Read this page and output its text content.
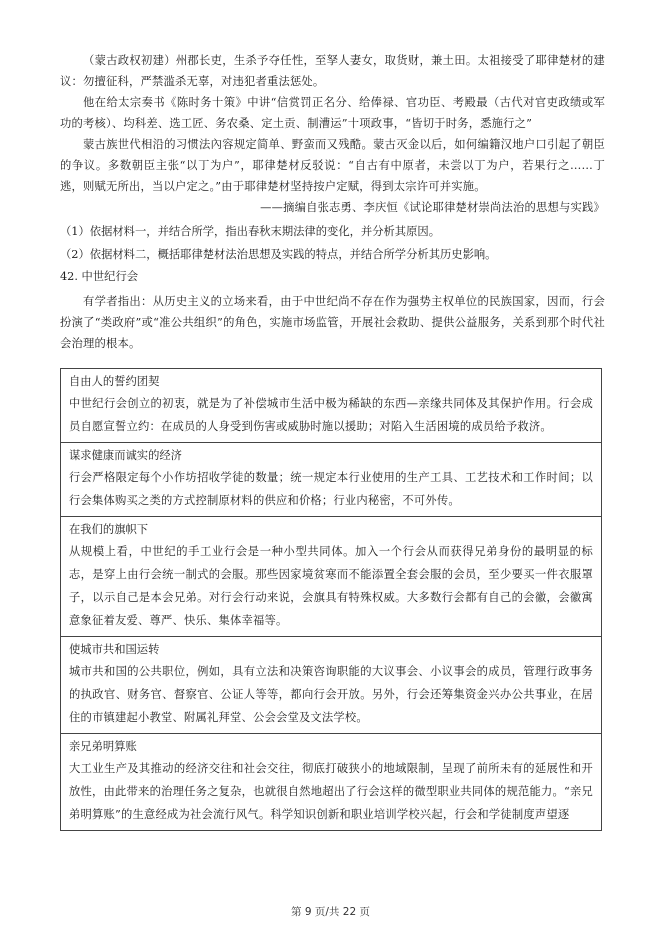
（蒙古政权初建）州郡长吏，生杀予夺任性，至孥人妻女，取货财，兼土田。太祖接受了耶律楚材的建议：勿擅征科，严禁滥杀无辜，对违犯者重法惩处。
他在给太宗奏书《陈时务十策》中讲“信赏罚正名分、给俸禄、官功臣、考殿最（古代对官吏政绩或军功的考核）、均科差、选工匠、务农桑、定土贡、制漕运”十项政事，“皆切于时务，悉施行之”
蒙古族世代相沿的习惯法內容规定简单、野蛮而又残酷。蒙古灭金以后，如何编籍汉地户口引起了朝臣的争议。多数朝臣主张“以丁为户”，耶律楚材反驳说：“自古有中原者，未尝以丁为户，若果行之……丁逃，则赋无所出，当以户定之。”由于耶律楚材坚持按户定赋，得到太宗许可并实施。
——摘编自张志勇、李庆恒《试论耶律楚材崇尚法治的思想与实践》
（1）依据材料一，并结合所学，指出春秋末期法律的变化，并分析其原因。
（2）依据材料二，概括耶律楚材法治思想及实践的特点，并结合所学分析其历史影响。
42. 中世纪行会
有学者指出：从历史主义的立场来看，由于中世纪尚不存在作为强势主权单位的民族国家，因而，行会扮演了“类政府”或“准公共组织”的角色，实施市场监管，开展社会救助、提供公益服务，关系到那个时代社会治理的根本。
自由人的誓约团契
中世纪行会创立的初衷，就是为了补偿城市生活中极为稀缺的东西—亲缘共同体及其保护作用。行会成员自愿宣誓立约：在成员的人身受到伤害或威胁时施以援助；对陷入生活困境的成员给予救济。
谋求健康而诚实的经济
行会严格限定每个小作坊招收学徒的数量；统一规定本行业使用的生产工具、工艺技术和工作时间；以行会集体购买之类的方式控制原材料的供应和价格；行业内秘密，不可外传。
在我们的旗帜下
从规模上看，中世纪的手工业行会是一种小型共同体。加入一个行会从而获得兄弟身份的最明显的标志，是穿上由行会统一制式的会服。那些因家境贫寒而不能添置全套会服的会员，至少要买一件衣服罩子，以示自己是本会兄弟。对行会行动来说，会旗具有特殊权威。大多数行会都有自己的会徽，会徽寓意象征着友爱、尊严、快乐、集体幸福等。
使城市共和国运转
城市共和国的公共职位，例如，具有立法和决策咨询职能的大议事会、小议事会的成员，管理行政事务的执政官、财务官、督察官、公证人等等，都向行会开放。另外，行会还筹集资金兴办公共事业，在居住的市镇建起小教堂、附属礼拜堂、公会会堂及文法学校。
亲兄弟明算账
大工业生产及其推动的经济交往和社会交往，彻底打破狭小的地域限制，呈现了前所未有的延展性和开放性，由此带来的治理任务之复杂，也就很自然地超出了行会这样的微型职业共同体的规范能力。“亲兄弟明算账”的生意经成为社会流行风气。科学知识创新和职业培训学校兴起，行会和学徒制度声望逐
第 9 页/共 22 页
